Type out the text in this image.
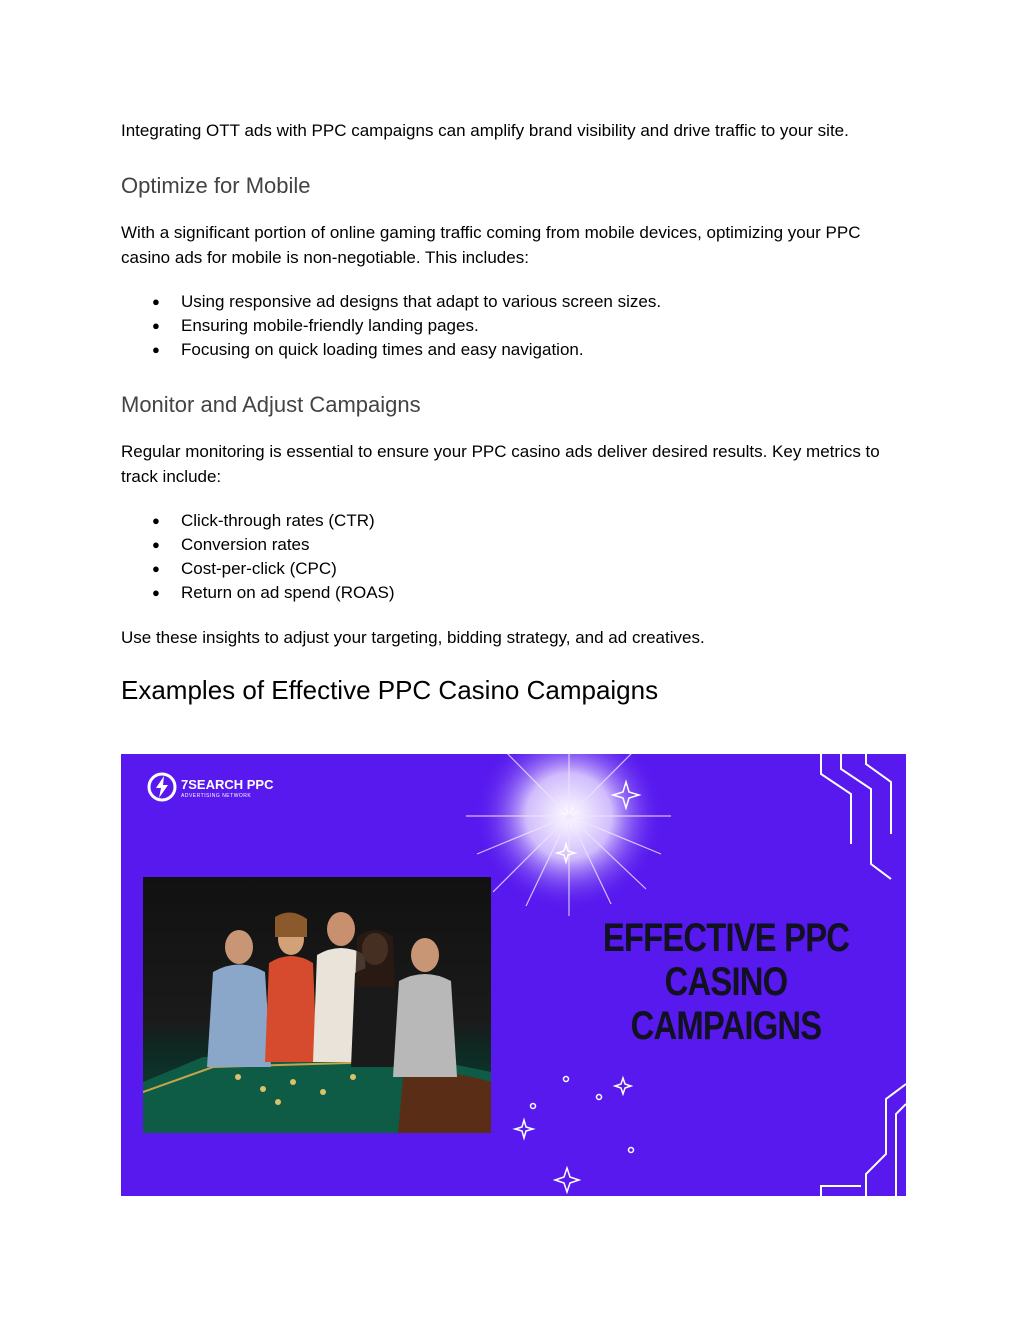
Integrating OTT ads with PPC campaigns can amplify brand visibility and drive traffic to your site.

Optimize for Mobile

With a significant portion of online gaming traffic coming from mobile devices, optimizing your PPC casino ads for mobile is non-negotiable. This includes:

● Using responsive ad designs that adapt to various screen sizes.
● Ensuring mobile-friendly landing pages.
● Focusing on quick loading times and easy navigation.
Monitor and Adjust Campaigns

Regular monitoring is essential to ensure your PPC casino ads deliver desired results. Key metrics to track include:

● Click-through rates (CTR)
● Conversion rates
● Cost-per-click (CPC)
● Return on ad spend (ROAS)

Use these insights to adjust your targeting, bidding strategy, and ad creatives.

Examples of Effective PPC Casino Campaigns
7SEARCH PPC
ADVERTISING NETWORK
EFFECTIVE PPC
CASINO
CAMPAIGNS
